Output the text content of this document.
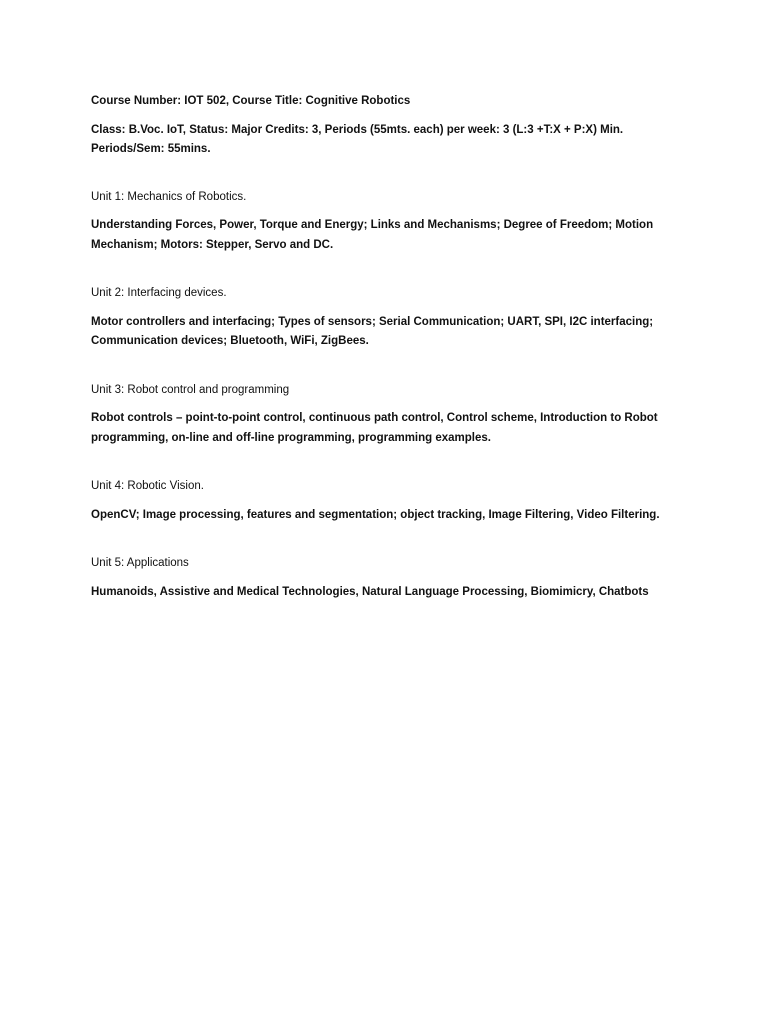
Course Number: IOT 502, Course Title: Cognitive Robotics
Class: B.Voc. IoT, Status: Major Credits: 3, Periods (55mts. each) per week: 3 (L:3 +T:X + P:X) Min. Periods/Sem: 55mins.
Unit 1: Mechanics of Robotics.
Understanding Forces, Power, Torque and Energy; Links and Mechanisms; Degree of Freedom; Motion Mechanism; Motors: Stepper, Servo and DC.
Unit 2: Interfacing devices.
Motor controllers and interfacing; Types of sensors; Serial Communication; UART, SPI, I2C interfacing; Communication devices; Bluetooth, WiFi, ZigBees.
Unit 3: Robot control and programming
Robot controls – point-to-point control, continuous path control, Control scheme, Introduction to Robot programming, on-line and off-line programming, programming examples.
Unit 4: Robotic Vision.
OpenCV; Image processing, features and segmentation; object tracking, Image Filtering, Video Filtering.
Unit 5: Applications
Humanoids, Assistive and Medical Technologies, Natural Language Processing, Biomimicry, Chatbots
